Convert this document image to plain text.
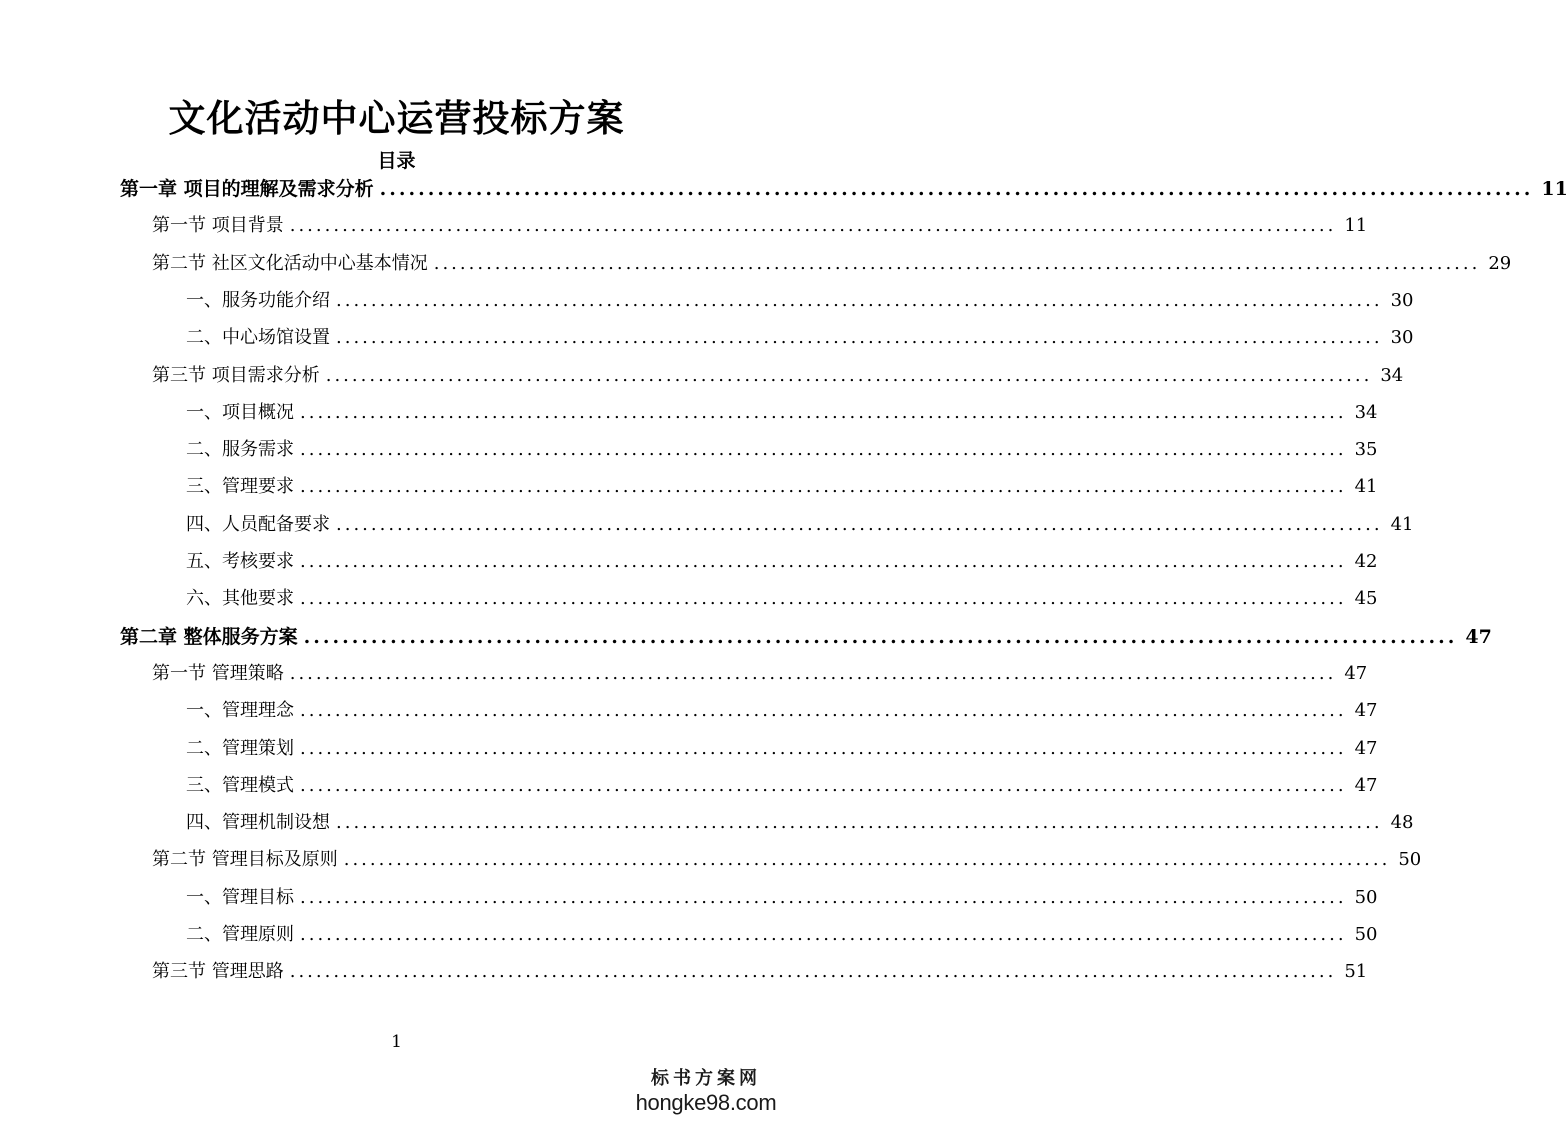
文化活动中心运营投标方案
目录
第一章 项目的理解及需求分析 ........................................................................................................................ 11
第一节 项目背景 ........................................................................................................................ 11
第二节 社区文化活动中心基本情况 ........................................................................................................................ 29
一、服务功能介绍 ........................................................................................................................ 30
二、中心场馆设置 ........................................................................................................................ 30
第三节 项目需求分析 ........................................................................................................................ 34
一、项目概况 ........................................................................................................................ 34
二、服务需求 ........................................................................................................................ 35
三、管理要求 ........................................................................................................................ 41
四、人员配备要求 ........................................................................................................................ 41
五、考核要求 ........................................................................................................................ 42
六、其他要求 ........................................................................................................................ 45
第二章 整体服务方案 ........................................................................................................................ 47
第一节 管理策略 ........................................................................................................................ 47
一、管理理念 ........................................................................................................................ 47
二、管理策划 ........................................................................................................................ 47
三、管理模式 ........................................................................................................................ 47
四、管理机制设想 ........................................................................................................................ 48
第二节 管理目标及原则 ........................................................................................................................ 50
一、管理目标 ........................................................................................................................ 50
二、管理原则 ........................................................................................................................ 50
第三节 管理思路 ........................................................................................................................ 51
1
标书方案网
hongke98.com
